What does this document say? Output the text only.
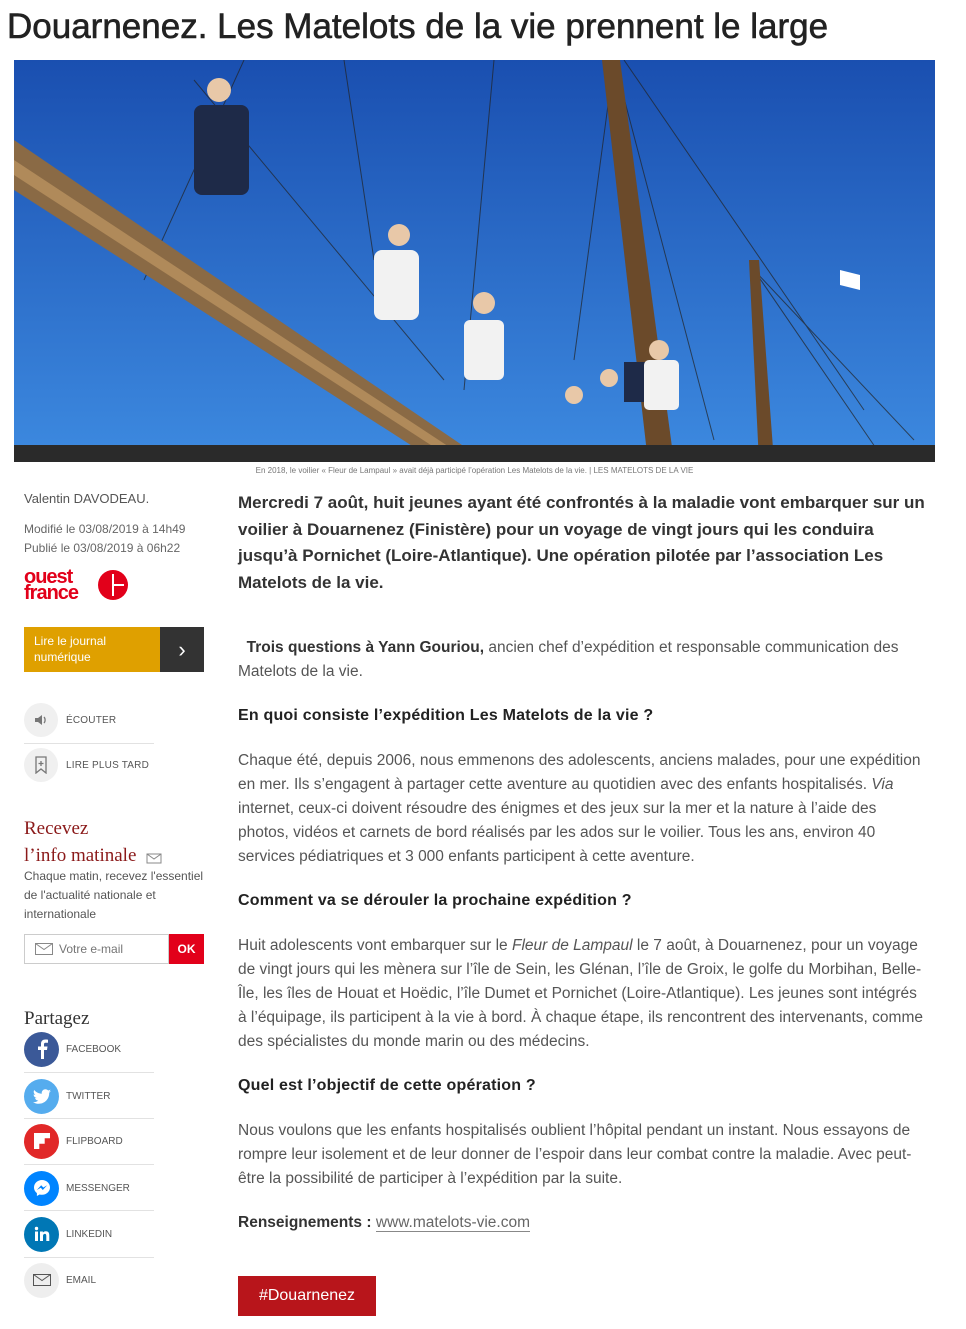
Douarnenez. Les Matelots de la vie prennent le large
En 2018, le voilier « Fleur de Lampaul » avait déjà participé l’opération Les Matelots de la vie. | LES MATELOTS DE LA VIE
Valentin DAVODEAU.
Modifié le 03/08/2019 à 14h49
Publié le 03/08/2019 à 06h22
ouest
france
Lire le journal numérique	›
ÉCOUTER
LIRE PLUS TARD
Recevez
l’info matinale
Chaque matin, recevez l'essentiel de l'actualité nationale et internationale
Votre e-mail
OK
Partagez
FACEBOOK
TWITTER
FLIPBOARD
MESSENGER
LINKEDIN
EMAIL
Mercredi 7 août, huit jeunes ayant été confrontés à la maladie vont embarquer sur un voilier à Douarnenez (Finistère) pour un voyage de vingt jours qui les conduira jusqu’à Pornichet (Loire-Atlantique). Une opération pilotée par l’association Les Matelots de la vie.

Trois questions à Yann Gouriou, ancien chef d’expédition et responsable communication des Matelots de la vie.

En quoi consiste l’expédition Les Matelots de la vie ?

Chaque été, depuis 2006, nous emmenons des adolescents, anciens malades, pour une expédition en mer. Ils s’engagent à partager cette aventure au quotidien avec des enfants hospitalisés. Via internet, ceux-ci doivent résoudre des énigmes et des jeux sur la mer et la nature à l’aide des photos, vidéos et carnets de bord réalisés par les ados sur le voilier. Tous les ans, environ 40 services pédiatriques et 3 000 enfants participent à cette aventure.

Comment va se dérouler la prochaine expédition ?

Huit adolescents vont embarquer sur le Fleur de Lampaul le 7 août, à Douarnenez, pour un voyage de vingt jours qui les mènera sur l’île de Sein, les Glénan, l’île de Groix, le golfe du Morbihan, Belle-Île, les îles de Houat et Hoëdic, l’île Dumet et Pornichet (Loire-Atlantique). Les jeunes sont intégrés à l’équipage, ils participent à la vie à bord. À chaque étape, ils rencontrent des intervenants, comme des spécialistes du monde marin ou des médecins.

Quel est l’objectif de cette opération ?

Nous voulons que les enfants hospitalisés oublient l’hôpital pendant un instant. Nous essayons de rompre leur isolement et de leur donner de l’espoir dans leur combat contre la maladie. Avec peut-être la possibilité de participer à l’expédition par la suite.

Renseignements : www.matelots-vie.com

#Douarnenez
